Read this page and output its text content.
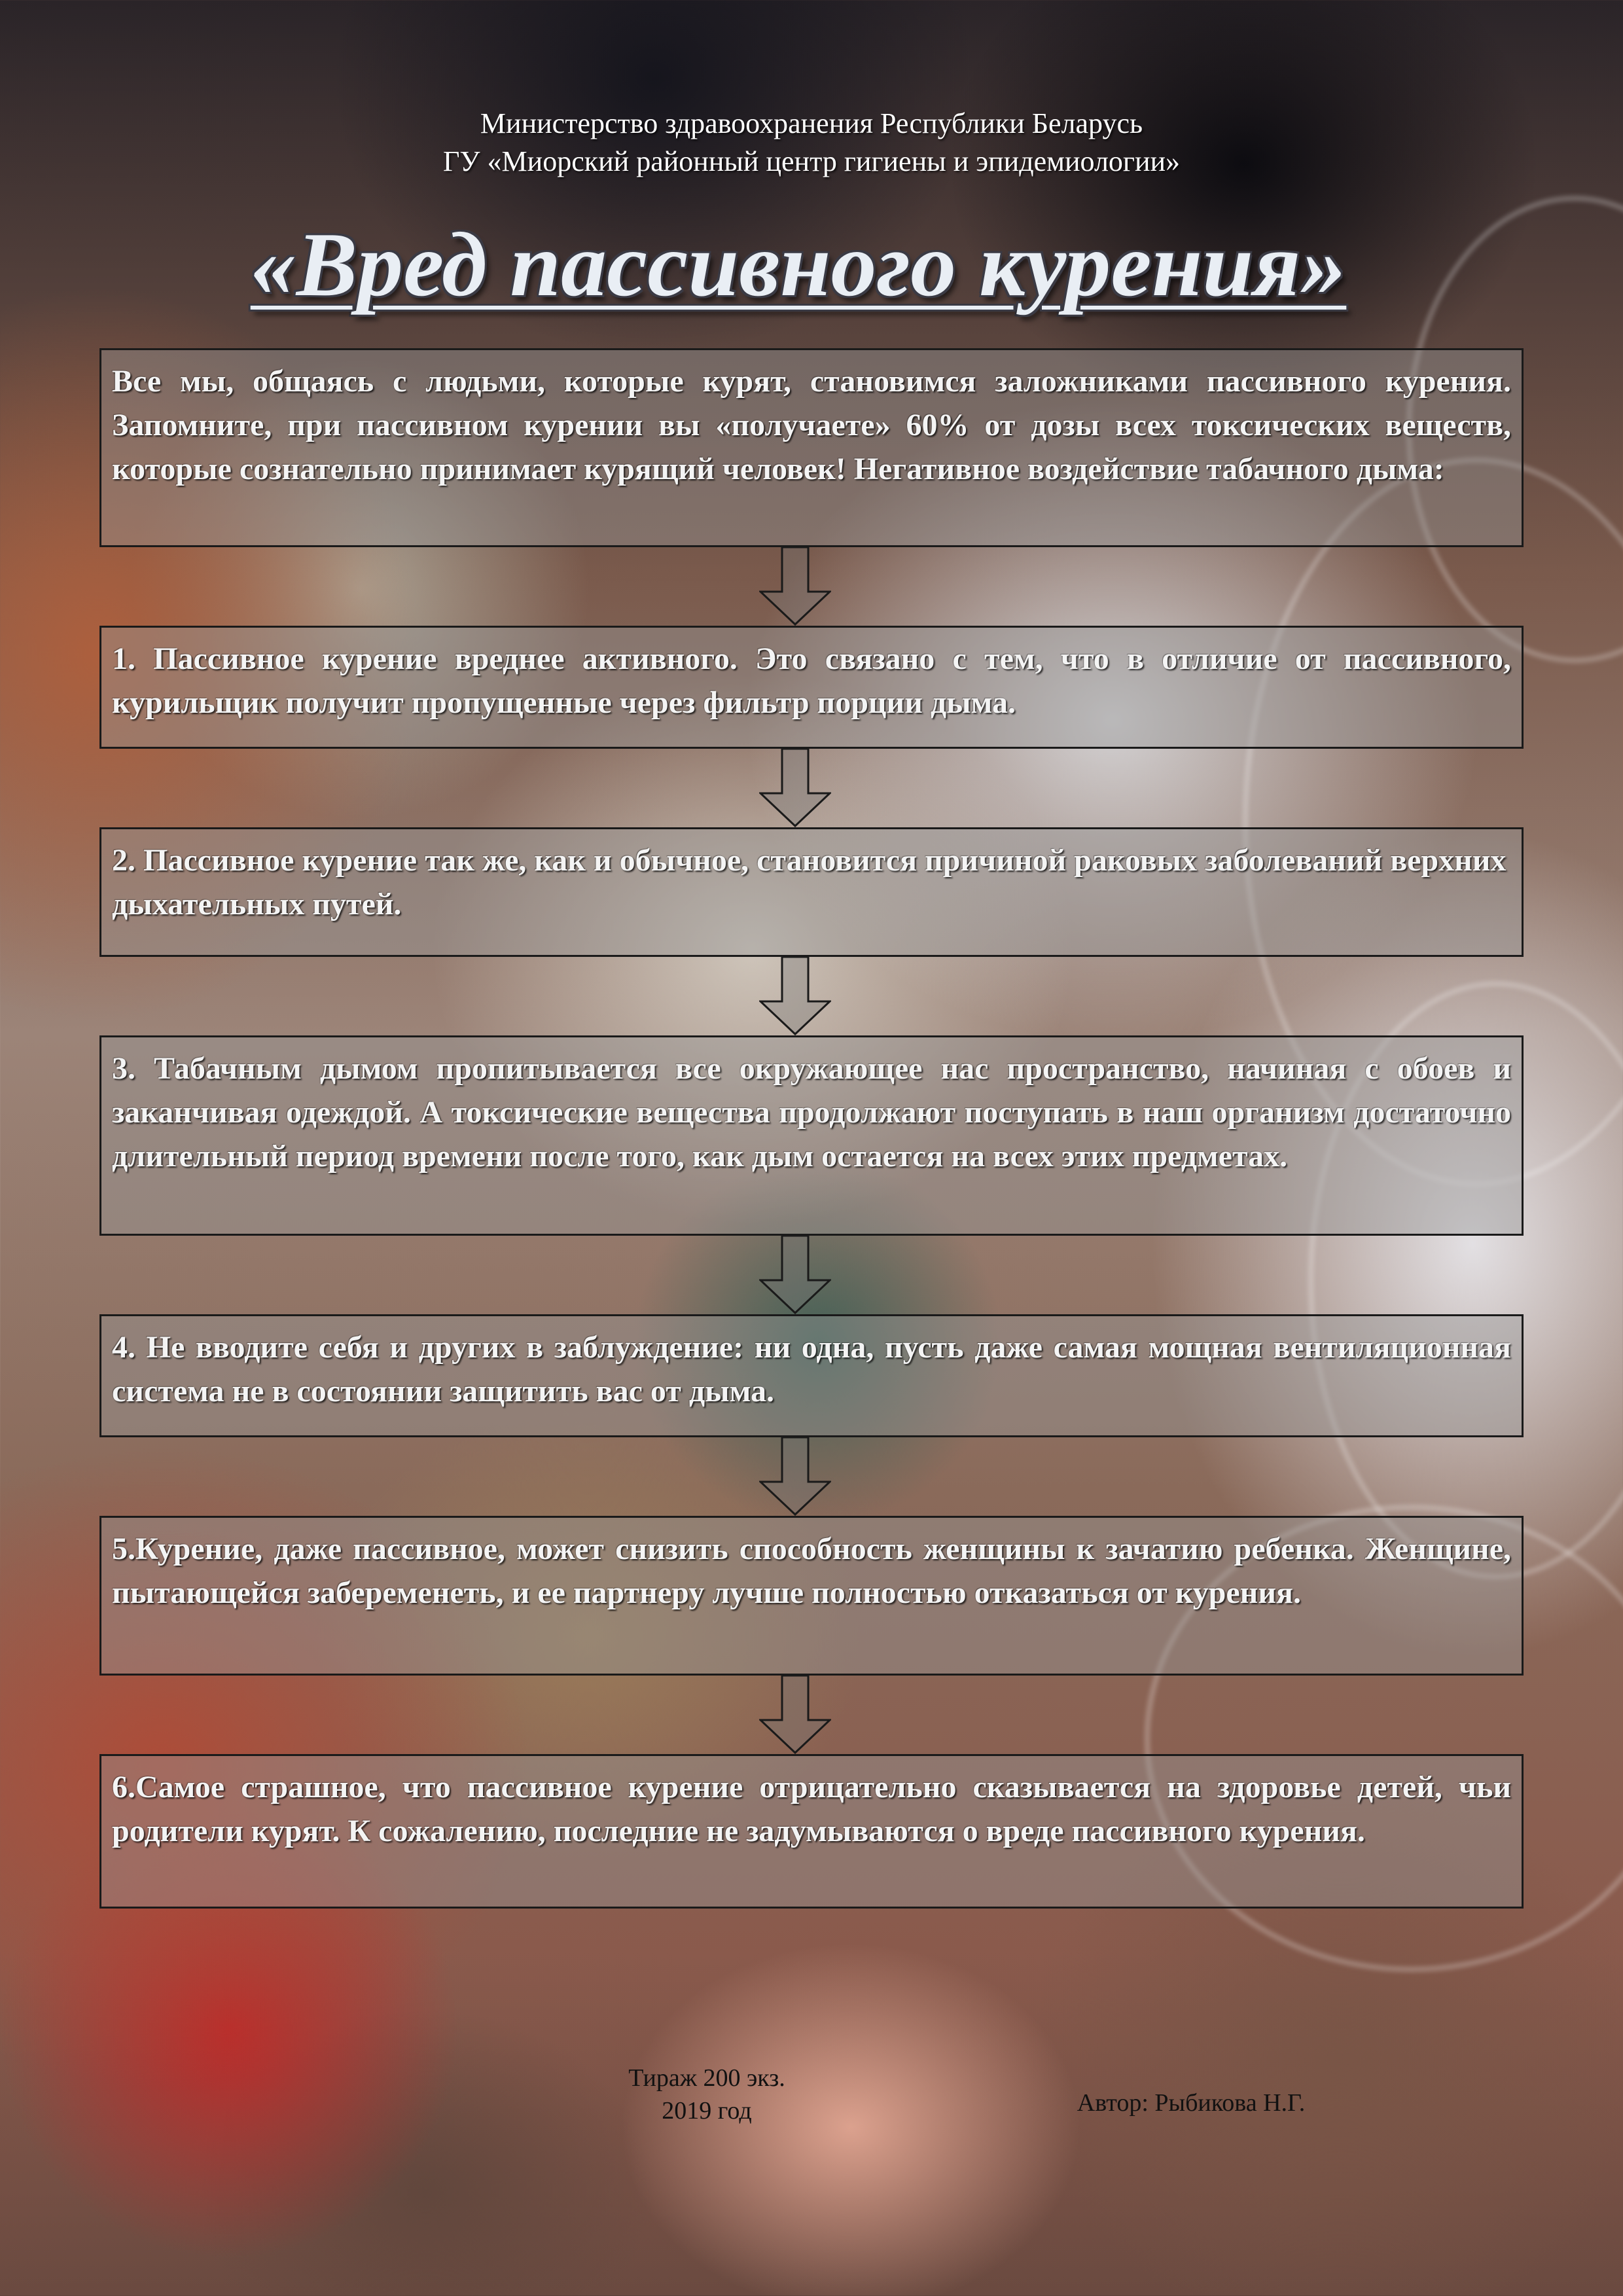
Министерство здравоохранения Республики Беларусь
ГУ «Миорский районный центр гигиены и эпидемиологии»
«Вред пассивного курения»

Все мы, общаясь с людьми, которые курят, становимся заложниками пассивного курения. Запомните, при пассивном курении вы «получаете» 60% от дозы всех токсических веществ, которые сознательно принимает курящий человек! Негативное воздействие табачного дыма:

1. Пассивное курение вреднее активного. Это связано с тем, что в отличие от пассивного, курильщик получит пропущенные через фильтр порции дыма.

2. Пассивное курение так же, как и обычное, становится причиной раковых заболеваний верхних дыхательных путей.

3. Табачным дымом пропитывается все окружающее нас пространство, начиная с обоев и заканчивая одеждой. А токсические вещества продолжают поступать в наш организм достаточно длительный период времени после того, как дым остается на всех этих предметах.

4. Не вводите себя и других в заблуждение: ни одна, пусть даже самая мощная вентиляционная система не в состоянии защитить вас от дыма.

5.Курение, даже пассивное, может снизить способность женщины к зачатию ребенка. Женщине, пытающейся забеременеть, и ее партнеру лучше полностью отказаться от курения.

6.Самое страшное, что пассивное курение отрицательно сказывается на здоровье детей, чьи родители курят. К сожалению, последние не задумываются о вреде пассивного курения.

Тираж 200 экз.
2019 год	Автор: Рыбикова Н.Г.
